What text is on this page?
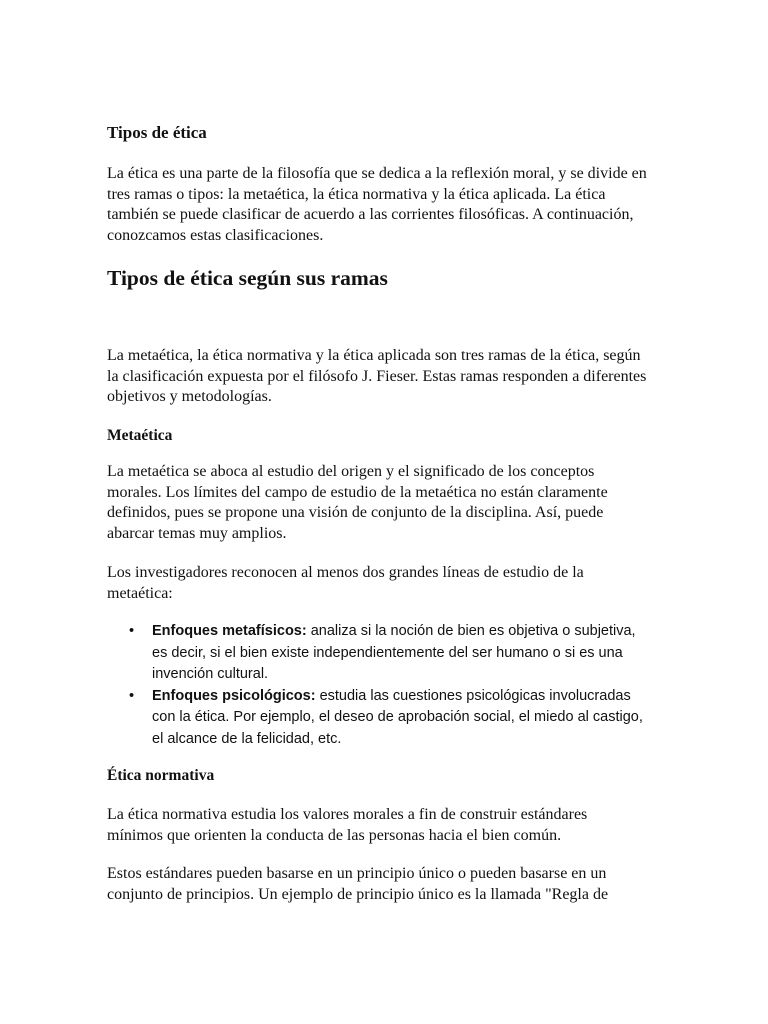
Tipos de ética

La ética es una parte de la filosofía que se dedica a la reflexión moral, y se divide en tres ramas o tipos: la metaética, la ética normativa y la ética aplicada. La ética también se puede clasificar de acuerdo a las corrientes filosóficas. A continuación, conozcamos estas clasificaciones.

Tipos de ética según sus ramas

La metaética, la ética normativa y la ética aplicada son tres ramas de la ética, según la clasificación expuesta por el filósofo J. Fieser. Estas ramas responden a diferentes objetivos y metodologías.

Metaética

La metaética se aboca al estudio del origen y el significado de los conceptos morales. Los límites del campo de estudio de la metaética no están claramente definidos, pues se propone una visión de conjunto de la disciplina. Así, puede abarcar temas muy amplios.

Los investigadores reconocen al menos dos grandes líneas de estudio de la metaética:

• Enfoques metafísicos: analiza si la noción de bien es objetiva o subjetiva, es decir, si el bien existe independientemente del ser humano o si es una invención cultural.
• Enfoques psicológicos: estudia las cuestiones psicológicas involucradas con la ética. Por ejemplo, el deseo de aprobación social, el miedo al castigo, el alcance de la felicidad, etc.
Ética normativa

La ética normativa estudia los valores morales a fin de construir estándares mínimos que orienten la conducta de las personas hacia el bien común.

Estos estándares pueden basarse en un principio único o pueden basarse en un conjunto de principios. Un ejemplo de principio único es la llamada "Regla de
